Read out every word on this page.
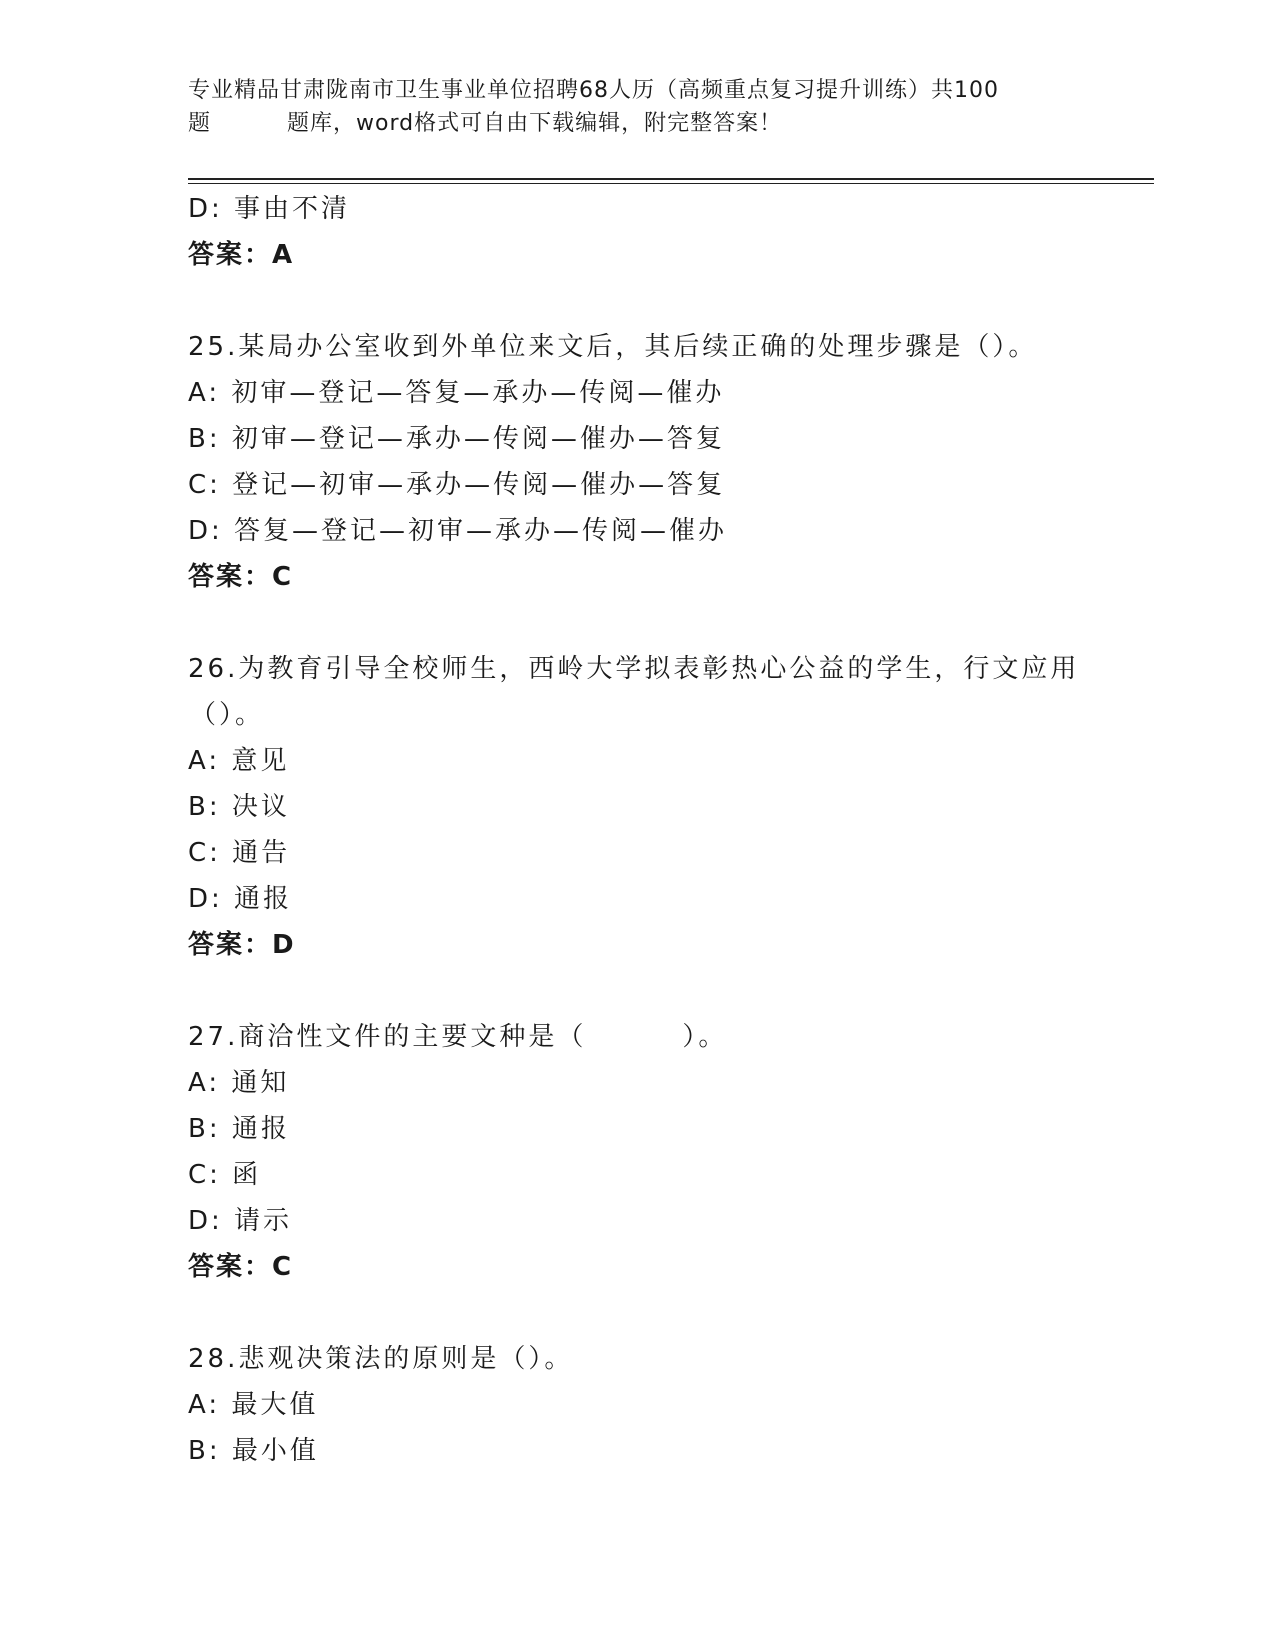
专业精品甘肃陇南市卫生事业单位招聘68人历（高频重点复习提升训练）共100
题	题库，word格式可自由下载编辑，附完整答案！
D: 事由不清
答案：A
25.某局办公室收到外单位来文后，其后续正确的处理步骤是（）。
A: 初审—登记—答复—承办—传阅—催办
B: 初审—登记—承办—传阅—催办—答复
C: 登记—初审—承办—传阅—催办—答复
D: 答复—登记—初审—承办—传阅—催办
答案：C
26.为教育引导全校师生，西岭大学拟表彰热心公益的学生，行文应用
（）。
A: 意见
B: 决议
C: 通告
D: 通报
答案：D
27.商洽性文件的主要文种是（	）。
A: 通知
B: 通报
C: 函
D: 请示
答案：C
28.悲观决策法的原则是（）。
A: 最大值
B: 最小值
